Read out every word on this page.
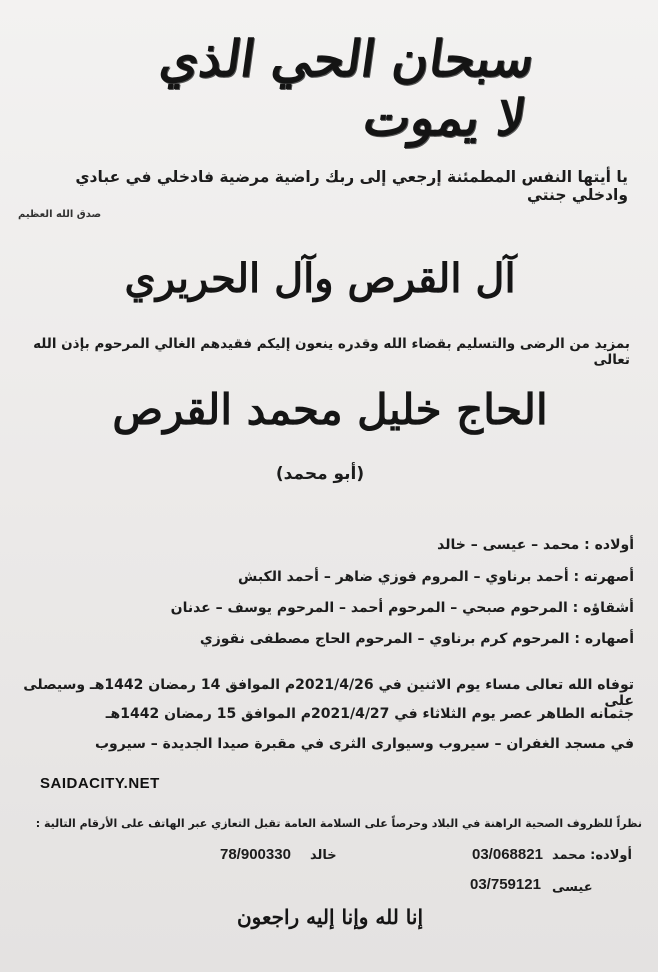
سبحان الحي الذي لا يموت
يا أيتها النفس المطمئنة إرجعي إلى ربك راضية مرضية فادخلي في عبادي وادخلي جنتي
صدق الله العظيم
آل القرص وآل الحريري
بمزيد من الرضى والتسليم بقضاء الله وقدره ينعون إليكم فقيدهم الغالي المرحوم بإذن الله تعالى
الحاج خليل محمد القرص
(أبو محمد)
أولاده : محمد – عيسى – خالد
أصهرته : أحمد برناوي – المروم فوزي ضاهر – أحمد الكبش
أشقاؤه : المرحوم صبحي – المرحوم أحمد – المرحوم يوسف – عدنان
أصهاره : المرحوم كرم برناوي – المرحوم الحاج مصطفى نقوزي
توفاه الله تعالى مساء يوم الاثنين في 2021/4/26م الموافق 14 رمضان 1442هـ وسيصلى على
جثمانه الطاهر عصر يوم الثلاثاء في 2021/4/27م الموافق 15 رمضان 1442هـ
في مسجد الغفران – سيروب وسيوارى الثرى في مقبرة صيدا الجديدة – سيروب
SAIDACITY.NET
نظراً للظروف الصحية الراهنة في البلاد وحرصاً على السلامة العامة تقبل التعازي عبر الهاتف على الأرقام التالية :
أولاده: محمد
03/068821
عيسى
03/759121
خالد
78/900330
إنا لله وإنا إليه راجعون
